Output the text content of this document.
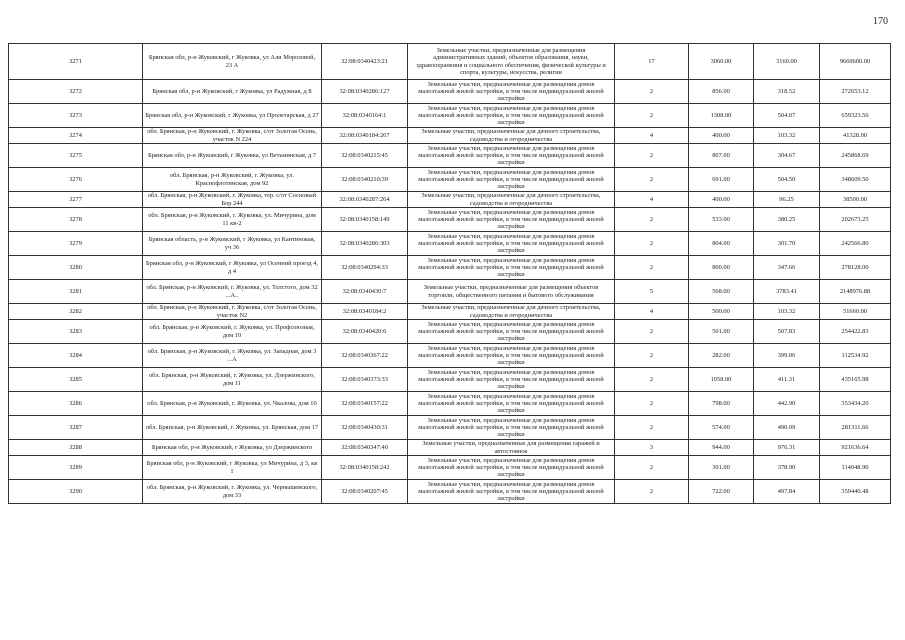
170
3271	Брянская обл, р-н Жуковский, г Жуковка, ул Али Морозовой, 23 А	32:08:0340423:21	Земельные участки, предназначенные для размещения административных зданий, объектов образования, науки, здравоохранения и социального обеспечения, физической культуры и спорта, культуры, искусства, религии	17	3060.00	3160.00	9669600.00
3272	Брянская обл, р-н Жуковский, г Жуковка, ул Радужная, д 8	32:08:0340286:127	Земельные участки, предназначенные для размещения домов малоэтажной жилой застройки, в том числе индивидуальной жилой застройки	2	856.00	318.52	272653.12
3273	Брянская обл, р-н Жуковский, г Жуковка, ул Пролетарская, д 27	32:08:0340164:1	Земельные участки, предназначенные для размещения домов малоэтажной жилой застройки, в том числе индивидуальной жилой застройки	2	1308.00	504.07	659323.56
3274	обл. Брянская, р-н Жуковский, г. Жуковка, с/от Золотая Осень, участок N 224	32:08:0340184:267	Земельные участки, предназначенные для дачного строительства, садоводства и огородничества	4	400.00	103.32	41328.00
3275	Брянская обл, р-н Жуковский, г Жуковка, ул Ветьминская, д 7	32:08:0340215:45	Земельные участки, предназначенные для размещения домов малоэтажной жилой застройки, в том числе индивидуальной жилой застройки	2	807.00	304.67	245868.69
3276	обл. Брянская, р-н Жуковский, г. Жуковка, ул. Краснофлотинская, дом 92	32:08:0340210:39	Земельные участки, предназначенные для размещения домов малоэтажной жилой застройки, в том числе индивидуальной жилой застройки	2	691.00	504.50	348609.50
3277	обл. Брянская, р-н Жуковский, г. Жуковка, тер. с/от Сосновый Бор 244	32:08:0340287:264	Земельные участки, предназначенные для дачного строительства, садоводства и огородничества	4	400.00	96.25	38500.00
3278	обл. Брянская, р-н Жуковский, г. Жуковка, ул. Мичурина, дом 11 кв-2	32:08:0340158:149	Земельные участки, предназначенные для размещения домов малоэтажной жилой застройки, в том числе индивидуальной жилой застройки	2	533.00	380.25	202673.25
3279	Брянская область, р-н Жуковский, г Жуковка, ул Кантиновая, уч 36	32:08:0340286:303	Земельные участки, предназначенные для размещения домов малоэтажной жилой застройки, в том числе индивидуальной жилой застройки	2	804.00	301.70	242566.80
3280	Брянская обл, р-н Жуковский, г Жуковка, ул Осенний проезд 4, д 4	32:08:0340294:33	Земельные участки, предназначенные для размещения домов малоэтажной жилой застройки, в том числе индивидуальной жилой застройки	2	800.00	347.66	278128.00
3281	обл. Брянская, р-н Жуковский, г. Жуковка, ул. Толстого, дом 32 ...А..	32:08:0340430:7	Земельные участки, предназначенные для размещения объектов торговли, общественного питания и бытового обслуживания	5	568.00	3783.41	2148976.88
3282	обл. Брянская, р-н Жуковский, г. Жуковка, с/от Золотая Осень, участок N2	32:08:0340184:2	Земельные участки, предназначенные для дачного строительства, садоводства и огородничества	4	500.00	103.32	51660.00
3283	обл. Брянская, р-н Жуковский, г. Жуковка, ул. Профсоюзная, дом 10	32:08:0340420:6	Земельные участки, предназначенные для размещения домов малоэтажной жилой застройки, в том числе индивидуальной жилой застройки	2	501.00	507.83	254422.83
3284	обл. Брянская, р-н Жуковский, г. Жуковка, ул. Западная, дом 3 ...А	32:08:0340367:22	Земельные участки, предназначенные для размещения домов малоэтажной жилой застройки, в том числе индивидуальной жилой застройки	2	282.00	399.06	112534.92
3285	обл. Брянская, р-н Жуковский, г. Жуковка, ул. Дзержинского, дом 11	32:08:0340373:33	Земельные участки, предназначенные для размещения домов малоэтажной жилой застройки, в том числе индивидуальной жилой застройки	2	1058.00	411.31	435165.98
3286	обл. Брянская, р-н Жуковский, г. Жуковка, ул. Чкалова, дом 10	32:08:0340157:22	Земельные участки, предназначенные для размещения домов малоэтажной жилой застройки, в том числе индивидуальной жилой застройки	2	798.00	442.90	353434.20
3287	обл. Брянская, р-н Жуковский, г. Жуковка, ул. Брянская, дом 17	32:08:0340430:31	Земельные участки, предназначенные для размещения домов малоэтажной жилой застройки, в том числе индивидуальной жилой застройки	2	574.00	490.09	281311.66
3288	Брянская обл, р-н Жуковский, г Жуковка, ул Дзержинского	32:08:0340347:40	Земельные участки, предназначенные для размещения гаражей и автостоянок	3	944.00	976.31	921636.64
3289	Брянская обл, р-н Жуковский, г Жуковка, ул Мичурина, д 3, кв 1	32:08:0340158:242	Земельные участки, предназначенные для размещения домов малоэтажной жилой застройки, в том числе индивидуальной жилой застройки	2	301.00	378.90	114048.90
3290	обл. Брянская, р-н Жуковский, г. Жуковка, ул. Чернышевского, дом 33	32:08:0340207:45	Земельные участки, предназначенные для размещения домов малоэтажной жилой застройки, в том числе индивидуальной жилой застройки	2	722.00	497.84	359440.48
